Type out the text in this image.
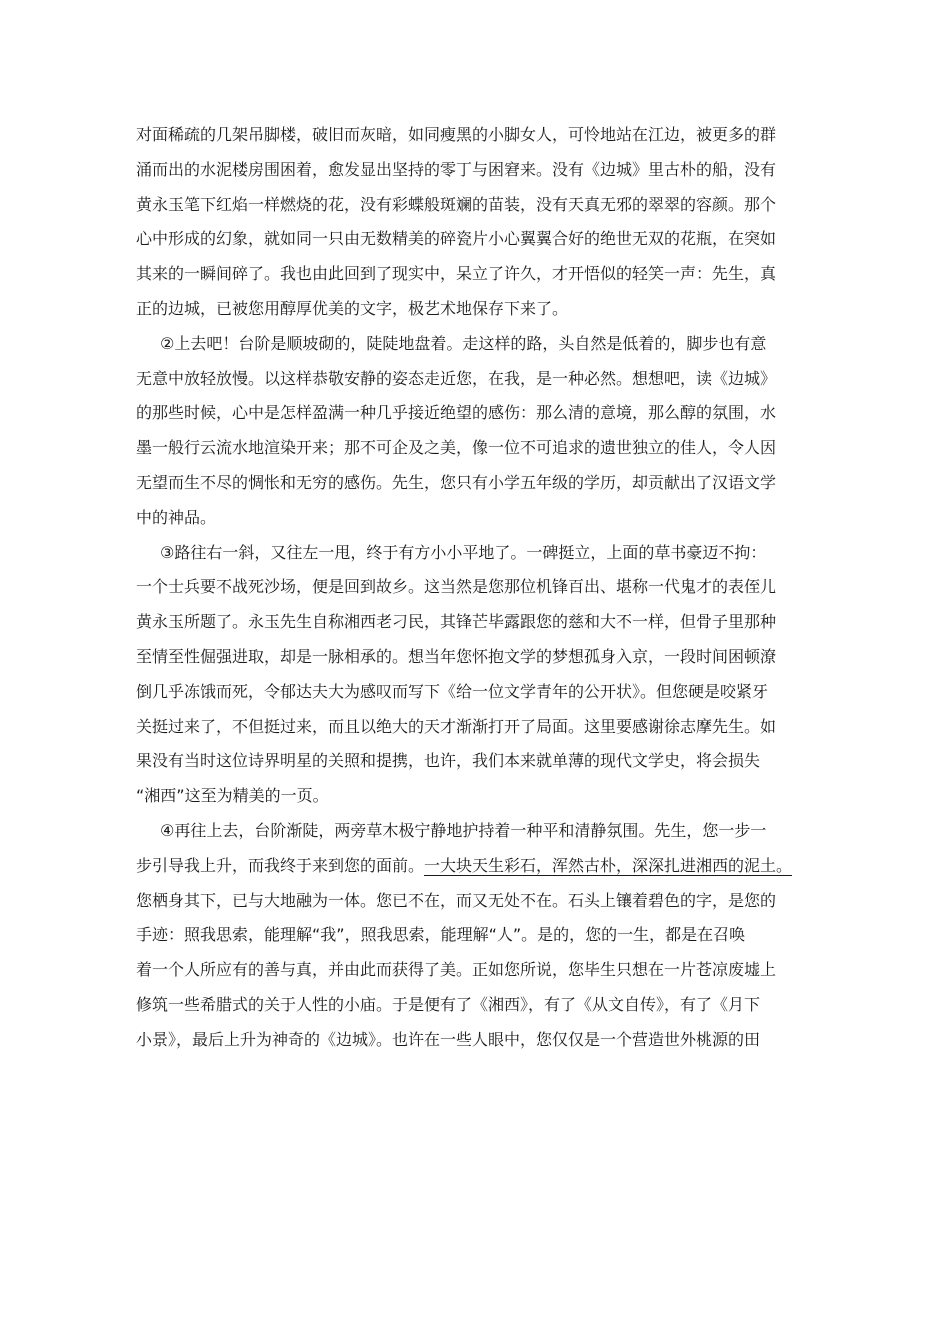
对面稀疏的几架吊脚楼，破旧而灰暗，如同瘦黑的小脚女人，可怜地站在江边，被更多的群
涌而出的水泥楼房围困着，愈发显出坚持的零丁与困窘来。没有《边城》里古朴的船，没有
黄永玉笔下红焰一样燃烧的花，没有彩蝶般斑斓的苗装，没有天真无邪的翠翠的容颜。那个
心中形成的幻象，就如同一只由无数精美的碎瓷片小心翼翼合好的绝世无双的花瓶，在突如
其来的一瞬间碎了。我也由此回到了现实中，呆立了许久，才开悟似的轻笑一声：先生，真
正的边城，已被您用醇厚优美的文字，极艺术地保存下来了。
②上去吧！台阶是顺坡砌的，陡陡地盘着。走这样的路，头自然是低着的，脚步也有意
无意中放轻放慢。以这样恭敬安静的姿态走近您，在我，是一种必然。想想吧，读《边城》
的那些时候，心中是怎样盈满一种几乎接近绝望的感伤：那么清的意境，那么醇的氛围，水
墨一般行云流水地渲染开来；那不可企及之美，像一位不可追求的遗世独立的佳人，令人因
无望而生不尽的惆怅和无穷的感伤。先生，您只有小学五年级的学历，却贡献出了汉语文学
中的神品。
③路往右一斜，又往左一甩，终于有方小小平地了。一碑挺立，上面的草书豪迈不拘：
一个士兵要不战死沙场，便是回到故乡。这当然是您那位机锋百出、堪称一代鬼才的表侄儿
黄永玉所题了。永玉先生自称湘西老刁民，其锋芒毕露跟您的慈和大不一样，但骨子里那种
至情至性倔强进取，却是一脉相承的。想当年您怀抱文学的梦想孤身入京，一段时间困顿潦
倒几乎冻饿而死，令郁达夫大为感叹而写下《给一位文学青年的公开状》。但您硬是咬紧牙
关挺过来了，不但挺过来，而且以绝大的天才渐渐打开了局面。这里要感谢徐志摩先生。如
果没有当时这位诗界明星的关照和提携，也许，我们本来就单薄的现代文学史，将会损失
“湘西”这至为精美的一页。
④再往上去，台阶渐陡，两旁草木极宁静地护持着一种平和清静氛围。先生，您一步一
步引导我上升，而我终于来到您的面前。一大块天生彩石，浑然古朴，深深扎进湘西的泥土。
您栖身其下，已与大地融为一体。您已不在，而又无处不在。石头上镶着碧色的字，是您的
手迹：照我思索，能理解“我”，照我思索，能理解“人”。是的，您的一生，都是在召唤
着一个人所应有的善与真，并由此而获得了美。正如您所说，您毕生只想在一片苍凉废墟上
修筑一些希腊式的关于人性的小庙。于是便有了《湘西》，有了《从文自传》，有了《月下
小景》，最后上升为神奇的《边城》。也许在一些人眼中，您仅仅是一个营造世外桃源的田
